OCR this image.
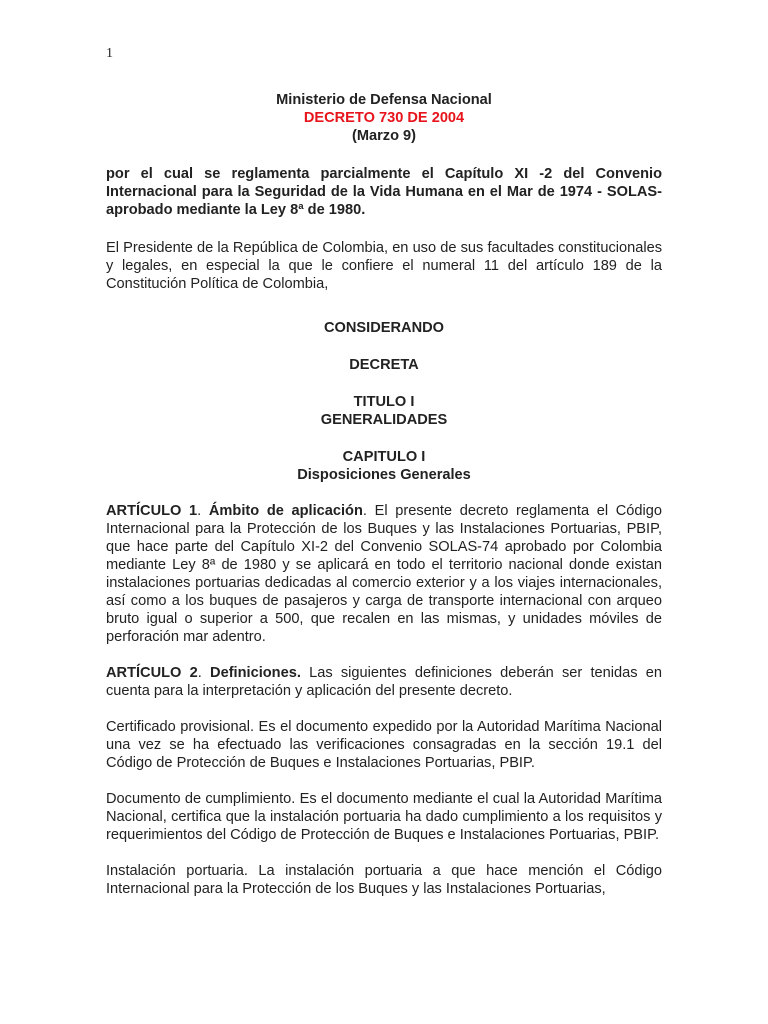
1
Ministerio de Defensa Nacional
DECRETO 730 DE 2004
(Marzo 9)

por el cual se reglamenta parcialmente el Capítulo XI -2 del Convenio Internacional para la Seguridad de la Vida Humana en el Mar de 1974 - SOLAS- aprobado mediante la Ley 8ª de 1980.

El Presidente de la República de Colombia, en uso de sus facultades constitucionales y legales, en especial la que le confiere el numeral 11 del artículo 189 de la Constitución Política de Colombia,

CONSIDERANDO
DECRETA
TITULO I
GENERALIDADES
CAPITULO I
Disposiciones Generales

ARTÍCULO 1. Ámbito de aplicación. El presente decreto reglamenta el Código Internacional para la Protección de los Buques y las Instalaciones Portuarias, PBIP, que hace parte del Capítulo XI-2 del Convenio SOLAS-74 aprobado por Colombia mediante Ley 8ª de 1980 y se aplicará en todo el territorio nacional donde existan instalaciones portuarias dedicadas al comercio exterior y a los viajes internacionales, así como a los buques de pasajeros y carga de transporte internacional con arqueo bruto igual o superior a 500, que recalen en las mismas, y unidades móviles de perforación mar adentro.

ARTÍCULO 2. Definiciones. Las siguientes definiciones deberán ser tenidas en cuenta para la interpretación y aplicación del presente decreto.

Certificado provisional. Es el documento expedido por la Autoridad Marítima Nacional una vez se ha efectuado las verificaciones consagradas en la sección 19.1 del Código de Protección de Buques e Instalaciones Portuarias, PBIP.

Documento de cumplimiento. Es el documento mediante el cual la Autoridad Marítima Nacional, certifica que la instalación portuaria ha dado cumplimiento a los requisitos y requerimientos del Código de Protección de Buques e Instalaciones Portuarias, PBIP.

Instalación portuaria. La instalación portuaria a que hace mención el Código Internacional para la Protección de los Buques y las Instalaciones Portuarias,
